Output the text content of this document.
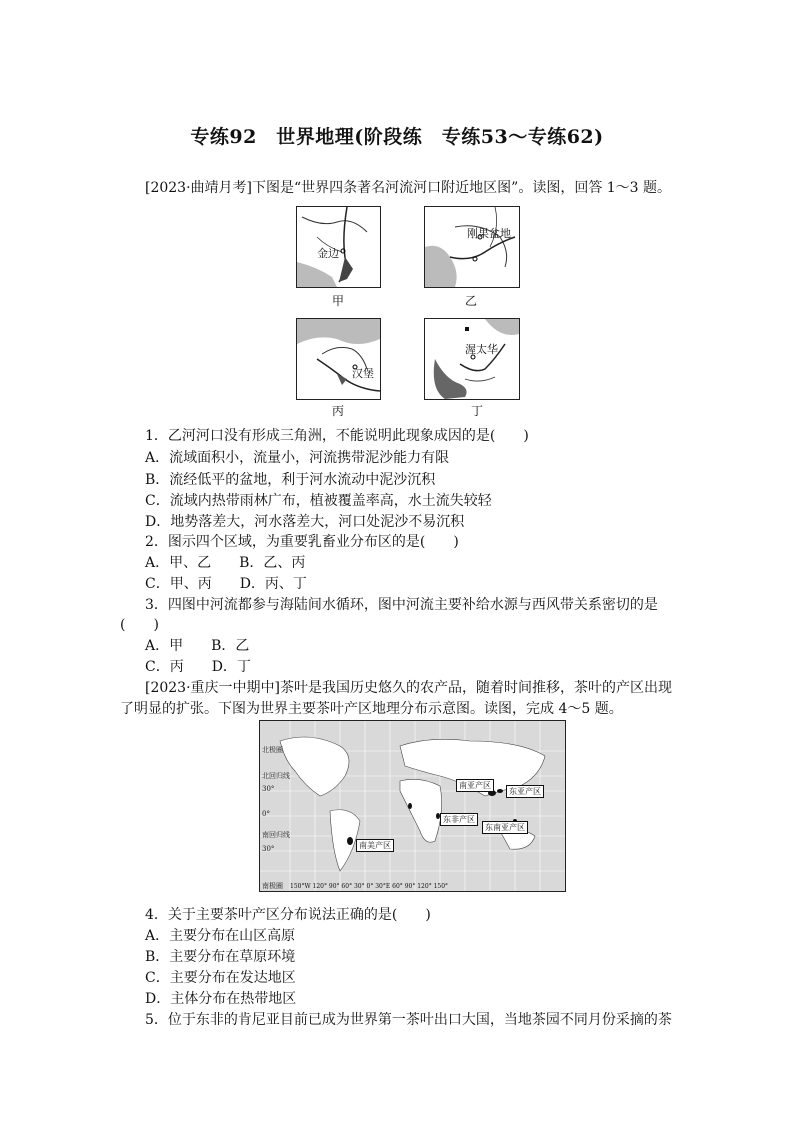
专练92　世界地理(阶段练　专练53～专练62)
[2023·曲靖月考]下图是“世界四条著名河流河口附近地区图”。读图，回答 1～3 题。
金边
甲
刚果盆地
乙
汉堡
丙
渥太华
丁
1．乙河河口没有形成三角洲，不能说明此现象成因的是(　　)
A．流域面积小，流量小，河流携带泥沙能力有限
B．流经低平的盆地，利于河水流动中泥沙沉积
C．流域内热带雨林广布，植被覆盖率高，水土流失较轻
D．地势落差大，河水落差大，河口处泥沙不易沉积
2．图示四个区域，为重要乳畜业分布区的是(　　)
A．甲、乙　　B．乙、丙
C．甲、丙　　D．丙、丁
3．四图中河流都参与海陆间水循环，图中河流主要补给水源与西风带关系密切的是
(　　)
A．甲　　B．乙
C．丙　　D．丁
[2023·重庆一中期中]茶叶是我国历史悠久的农产品，随着时间推移，茶叶的产区出现
了明显的扩张。下图为世界主要茶叶产区地理分布示意图。读图，完成 4～5 题。
北极圈
北回归线
30°
0°
南回归线
30°
南极圈
南亚产区
东亚产区
东非产区
东南亚产区
南美产区
150°W 120° 90° 60° 30° 0° 30°E 60° 90° 120° 150°
4．关于主要茶叶产区分布说法正确的是(　　)
A．主要分布在山区高原
B．主要分布在草原环境
C．主要分布在发达地区
D．主体分布在热带地区
5．位于东非的肯尼亚目前已成为世界第一茶叶出口大国，当地茶园不同月份采摘的茶
